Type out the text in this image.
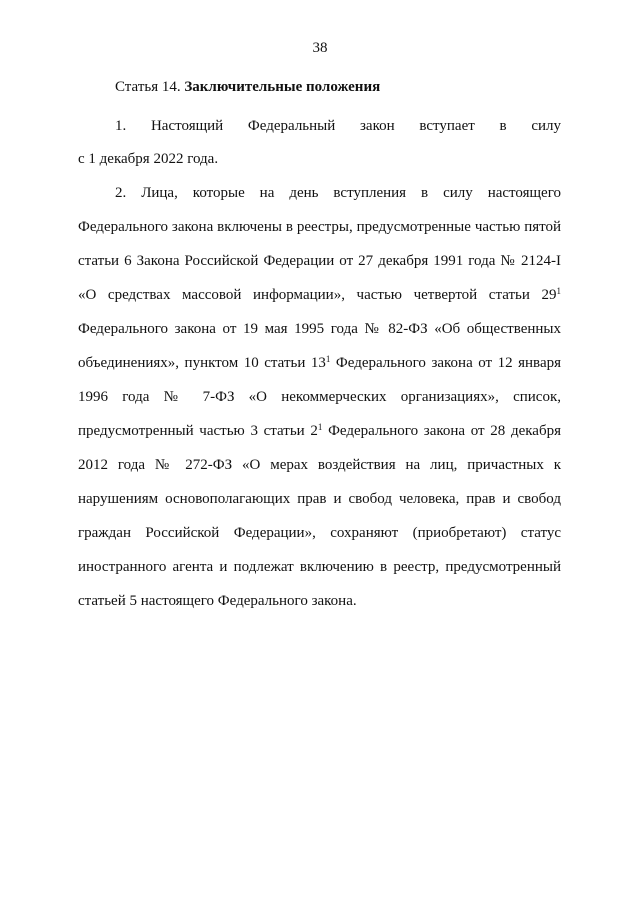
38
Статья 14. Заключительные положения
1. Настоящий Федеральный закон вступает в силу
с 1 декабря 2022 года.
2. Лица, которые на день вступления в силу настоящего
Федерального закона включены в реестры, предусмотренные частью пятой
статьи 6 Закона Российской Федерации от 27 декабря 1991 года № 2124-I
«О средствах массовой информации», частью четвертой статьи $29^1$
Федерального закона от 19 мая 1995 года № 82-ФЗ «Об общественных
объединениях», пунктом 10 статьи $13^1$ Федерального закона от 12 января
1996 года № 7-ФЗ «О некоммерческих организациях», список,
предусмотренный частью 3 статьи $2^1$ Федерального закона от 28 декабря
2012 года № 272-ФЗ «О мерах воздействия на лиц, причастных к
нарушениям основополагающих прав и свобод человека, прав и свобод
граждан Российской Федерации», сохраняют (приобретают) статус
иностранного агента и подлежат включению в реестр, предусмотренный
статьей 5 настоящего Федерального закона.
